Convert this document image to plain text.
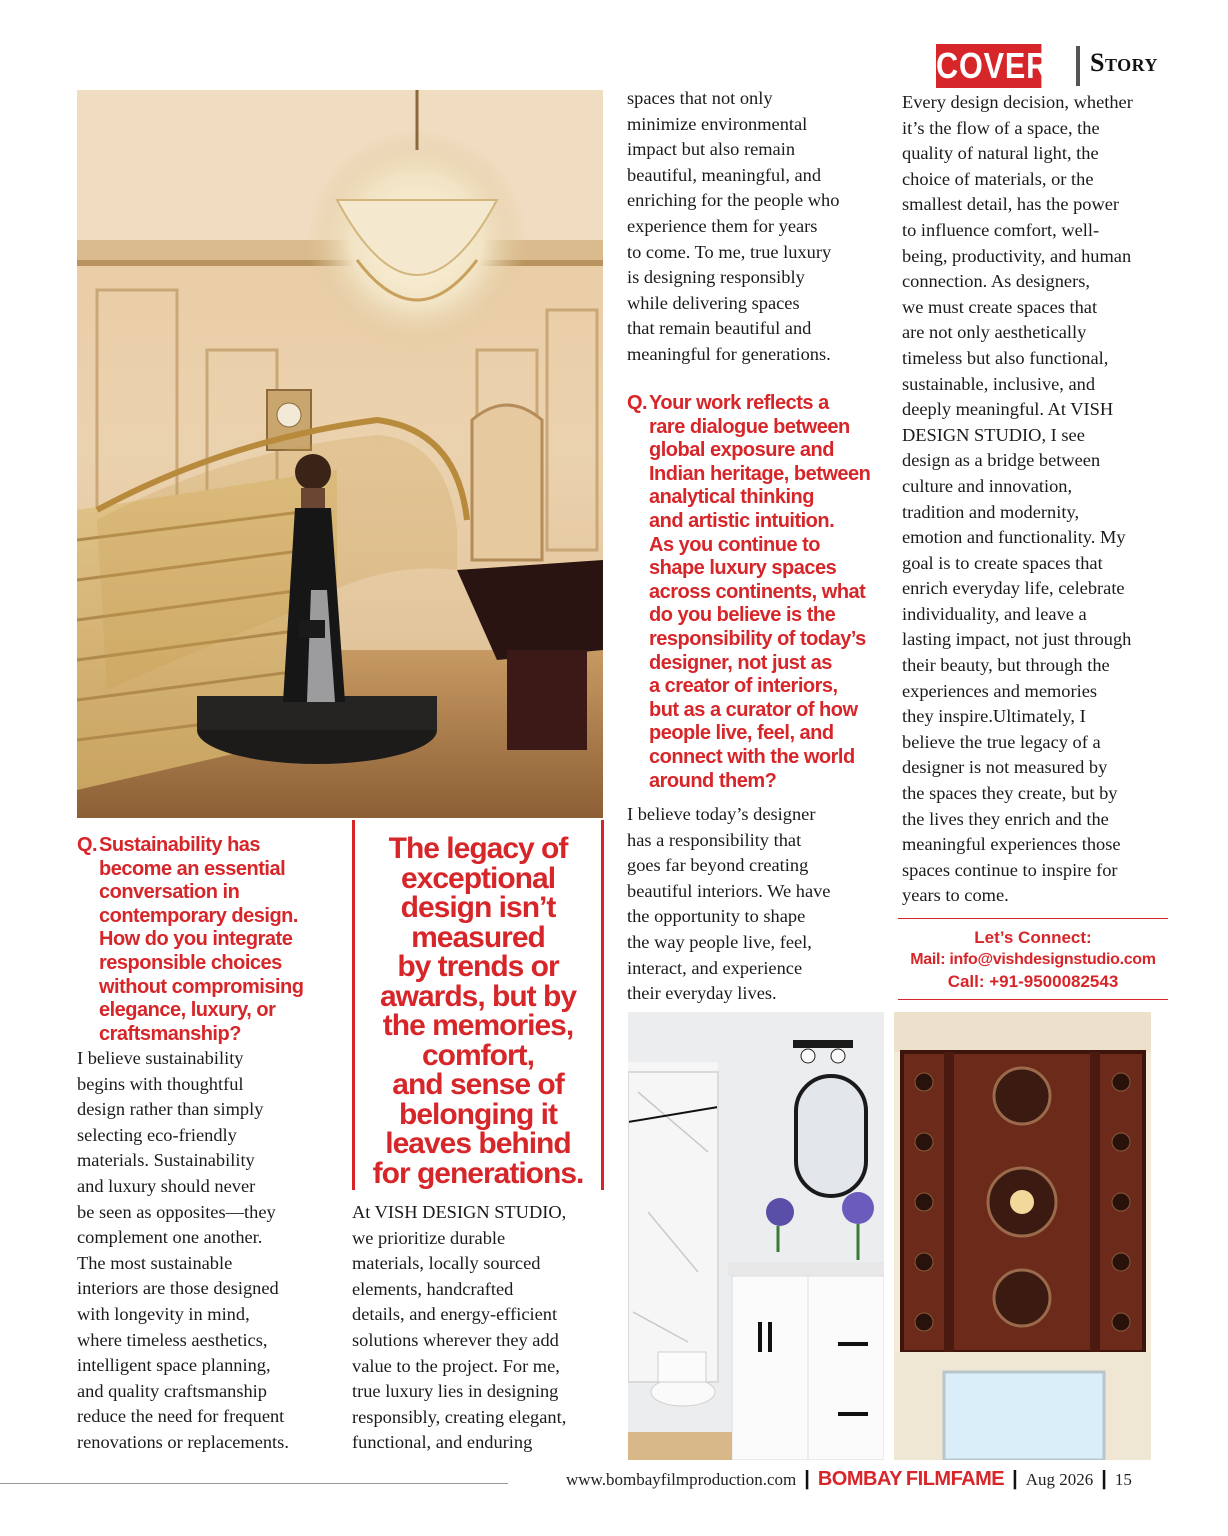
COVER Story
Q. Sustainability has
become an essential
conversation in
contemporary design.
How do you integrate
responsible choices
without compromising
elegance, luxury, or
craftsmanship?
I believe sustainability
begins with thoughtful
design rather than simply
selecting eco-friendly
materials. Sustainability
and luxury should never
be seen as opposites—they
complement one another.
The most sustainable
interiors are those designed
with longevity in mind,
where timeless aesthetics,
intelligent space planning,
and quality craftsmanship
reduce the need for frequent
renovations or replacements.
The legacy of
exceptional
design isn’t
measured
by trends or
awards, but by
the memories,
comfort,
and sense of
belonging it
leaves behind
for generations.
At VISH DESIGN STUDIO,
we prioritize durable
materials, locally sourced
elements, handcrafted
details, and energy-efficient
solutions wherever they add
value to the project. For me,
true luxury lies in designing
responsibly, creating elegant,
functional, and enduring
spaces that not only
minimize environmental
impact but also remain
beautiful, meaningful, and
enriching for the people who
experience them for years
to come. To me, true luxury
is designing responsibly
while delivering spaces
that remain beautiful and
meaningful for generations.
Q. Your work reflects a
rare dialogue between
global exposure and
Indian heritage, between
analytical thinking
and artistic intuition.
As you continue to
shape luxury spaces
across continents, what
do you believe is the
responsibility of today’s
designer, not just as
a creator of interiors,
but as a curator of how
people live, feel, and
connect with the world
around them?
I believe today’s designer
has a responsibility that
goes far beyond creating
beautiful interiors. We have
the opportunity to shape
the way people live, feel,
interact, and experience
their everyday lives.
Every design decision, whether
it’s the flow of a space, the
quality of natural light, the
choice of materials, or the
smallest detail, has the power
to influence comfort, well-
being, productivity, and human
connection. As designers,
we must create spaces that
are not only aesthetically
timeless but also functional,
sustainable, inclusive, and
deeply meaningful. At VISH
DESIGN STUDIO, I see
design as a bridge between
culture and innovation,
tradition and modernity,
emotion and functionality. My
goal is to create spaces that
enrich everyday life, celebrate
individuality, and leave a
lasting impact, not just through
their beauty, but through the
experiences and memories
they inspire.Ultimately, I
believe the true legacy of a
designer is not measured by
the spaces they create, but by
the lives they enrich and the
meaningful experiences those
spaces continue to inspire for
years to come.
Let’s Connect:
Mail: info@vishdesignstudio.com
Call: +91-9500082543
www.bombayfilmproduction.com | BOMBAY FILMFAME | Aug 2026 | 15
